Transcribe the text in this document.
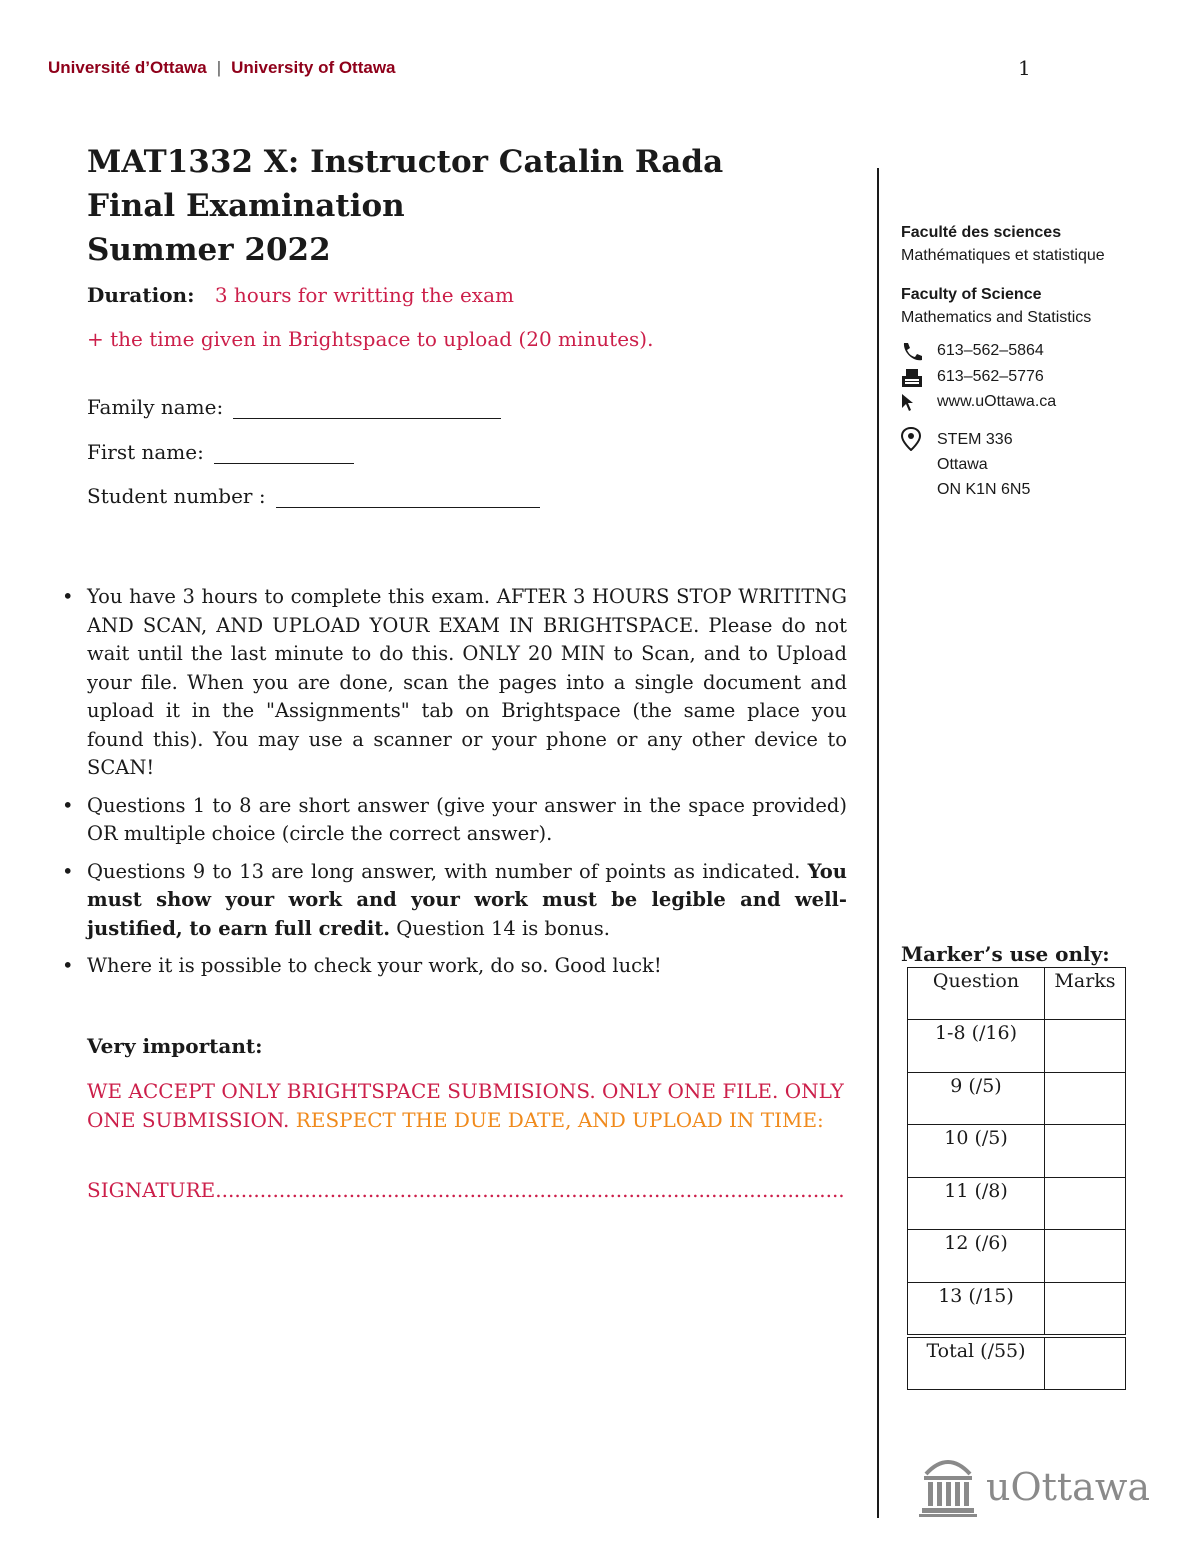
Université d’Ottawa | University of Ottawa	1
MAT1332 X: Instructor Catalin Rada
Final Examination
Summer 2022
Duration: 3 hours for writting the exam
+ the time given in Brightspace to upload (20 minutes).
Family name:
First name:
Student number :
Faculté des sciences
Mathématiques et statistique
Faculty of Science
Mathematics and Statistics
613–562–5864
613–562–5776
www.uOttawa.ca
STEM 336
Ottawa
ON K1N 6N5
• You have 3 hours to complete this exam. AFTER 3 HOURS STOP WRITITNG AND SCAN, AND UPLOAD YOUR EXAM IN BRIGHTSPACE. Please do not wait until the last minute to do this. ONLY 20 MIN to Scan, and to Upload your file. When you are done, scan the pages into a single document and upload it in the "Assignments" tab on Brightspace (the same place you found this). You may use a scanner or your phone or any other device to SCAN!
• Questions 1 to 8 are short answer (give your answer in the space provided) OR multiple choice (circle the correct answer).
• Questions 9 to 13 are long answer, with number of points as indicated. You must show your work and your work must be legible and well-justified, to earn full credit. Question 14 is bonus.
• Where it is possible to check your work, do so. Good luck!
Very important:
WE ACCEPT ONLY BRIGHTSPACE SUBMISIONS. ONLY ONE FILE. ONLY ONE SUBMISSION. RESPECT THE DUE DATE, AND UPLOAD IN TIME:
SIGNATURE...................................................................................................
Marker’s use only:
Question	Marks
1-8 (/16)	
9 (/5)	
10 (/5)	
11 (/8)	
12 (/6)	
13 (/15)	
Total (/55)	
uOttawa
